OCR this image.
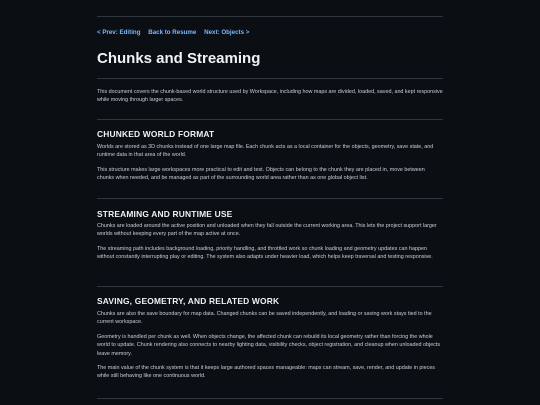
< Prev: Editing Back to Resume Next: Objects >
Chunks and Streaming

This document covers the chunk-based world structure used by Workspace, including how maps are divided, loaded, saved, and kept responsive while moving through larger spaces.

CHUNKED WORLD FORMAT

Worlds are stored as 3D chunks instead of one large map file. Each chunk acts as a local container for the objects, geometry, save state, and runtime data in that area of the world.

This structure makes large workspaces more practical to edit and test. Objects can belong to the chunk they are placed in, move between chunks when needed, and be managed as part of the surrounding world area rather than as one global object list.

STREAMING AND RUNTIME USE

Chunks are loaded around the active position and unloaded when they fall outside the current working area. This lets the project support larger worlds without keeping every part of the map active at once.

The streaming path includes background loading, priority handling, and throttled work so chunk loading and geometry updates can happen without constantly interrupting play or editing. The system also adapts under heavier load, which helps keep traversal and testing responsive.

SAVING, GEOMETRY, AND RELATED WORK

Chunks are also the save boundary for map data. Changed chunks can be saved independently, and loading or saving work stays tied to the current workspace.

Geometry is handled per chunk as well. When objects change, the affected chunk can rebuild its local geometry rather than forcing the whole world to update. Chunk rendering also connects to nearby lighting data, visibility checks, object registration, and cleanup when unloaded objects leave memory.

The main value of the chunk system is that it keeps large authored spaces manageable: maps can stream, save, render, and update in pieces while still behaving like one continuous world.
